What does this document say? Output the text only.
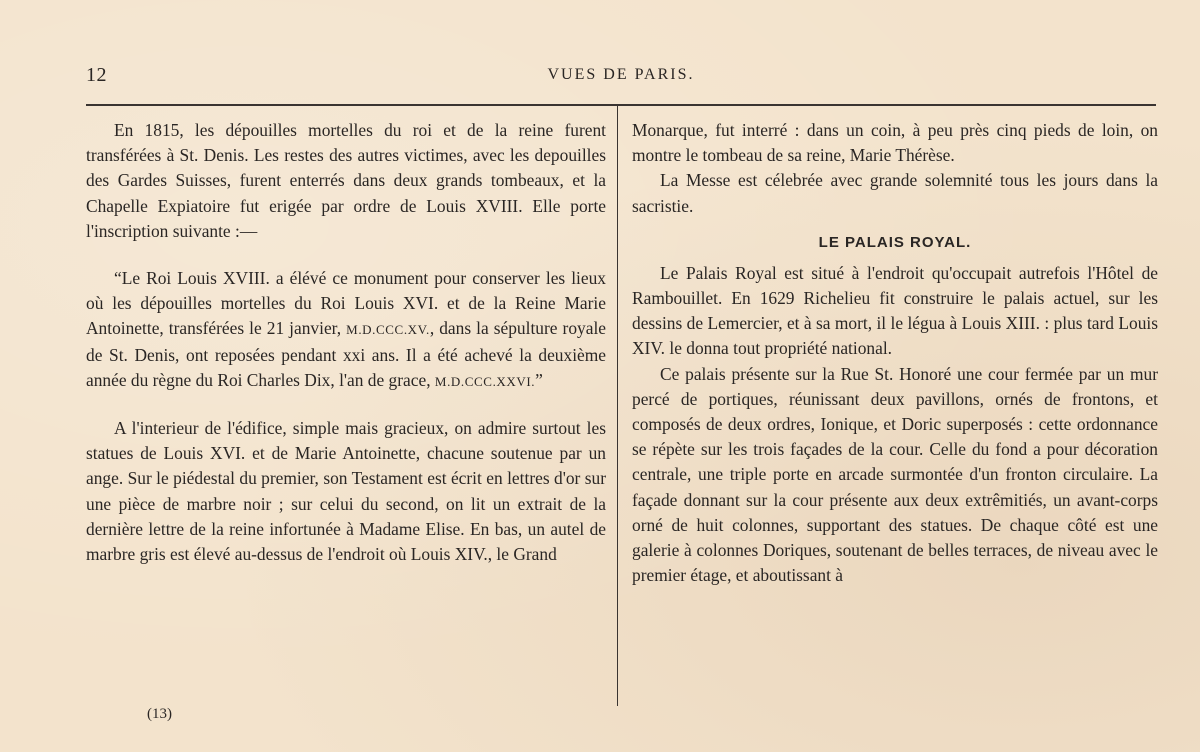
12	VUES DE PARIS.

En 1815, les dépouilles mortelles du roi et de la reine furent transférées à St. Denis. Les restes des autres victimes, avec les depouilles des Gardes Suisses, furent enterrés dans deux grands tombeaux, et la Chapelle Expiatoire fut erigée par ordre de Louis XVIII. Elle porte l'inscription suivante :—

“Le Roi Louis XVIII. a élévé ce monument pour conserver les lieux où les dépouilles mortelles du Roi Louis XVI. et de la Reine Marie Antoinette, transférées le 21 janvier, M.D.CCC.XV., dans la sépulture royale de St. Denis, ont reposées pendant xxi ans. Il a été achevé la deuxième année du règne du Roi Charles Dix, l'an de grace, M.D.CCC.XXVI.”

A l'interieur de l'édifice, simple mais gracieux, on admire surtout les statues de Louis XVI. et de Marie Antoinette, chacune soutenue par un ange. Sur le piédestal du premier, son Testament est écrit en lettres d'or sur une pièce de marbre noir ; sur celui du second, on lit un extrait de la dernière lettre de la reine infortunée à Madame Elise. En bas, un autel de marbre gris est élevé au-dessus de l'endroit où Louis XIV., le Grand

Monarque, fut interré : dans un coin, à peu près cinq pieds de loin, on montre le tombeau de sa reine, Marie Thérèse.

La Messe est célebrée avec grande solemnité tous les jours dans la sacristie.

LE PALAIS ROYAL.

Le Palais Royal est situé à l'endroit qu'occupait autrefois l'Hôtel de Rambouillet. En 1629 Richelieu fit construire le palais actuel, sur les dessins de Lemercier, et à sa mort, il le légua à Louis XIII. : plus tard Louis XIV. le donna tout propriété national.

Ce palais présente sur la Rue St. Honoré une cour fermée par un mur percé de portiques, réunissant deux pavillons, ornés de frontons, et composés de deux ordres, Ionique, et Doric superposés : cette ordonnance se répète sur les trois façades de la cour. Celle du fond a pour décoration centrale, une triple porte en arcade surmontée d'un fronton circulaire. La façade donnant sur la cour présente aux deux extrêmitiés, un avant-corps orné de huit colonnes, supportant des statues. De chaque côté est une galerie à colonnes Doriques, soutenant de belles terraces, de niveau avec le premier étage, et aboutissant à

(13)
